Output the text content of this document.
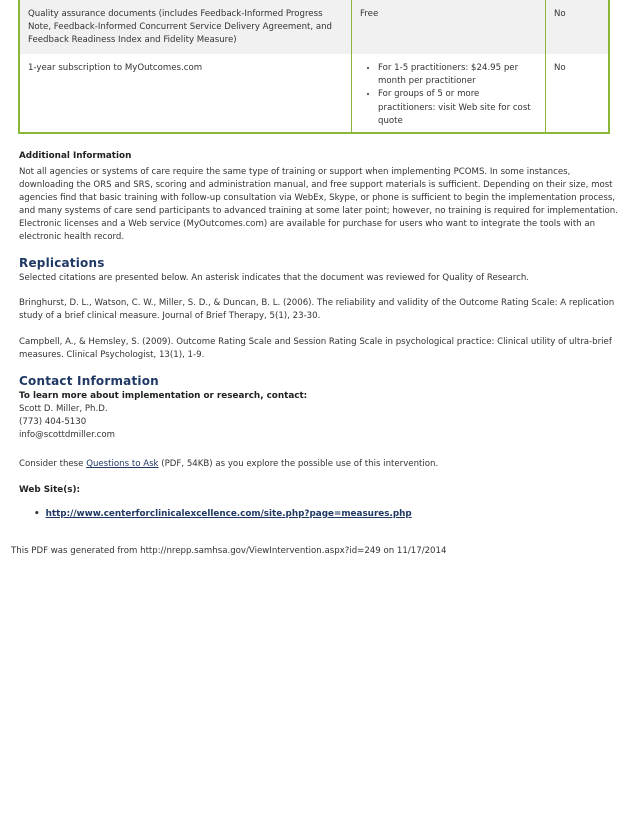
Quality assurance documents (includes Feedback-Informed Progress Note, Feedback-Informed Concurrent Service Delivery Agreement, and Feedback Readiness Index and Fidelity Measure)
Free	No
1-year subscription to MyOutcomes.com
•	For 1-5 practitioners: $24.95 per month per practitioner
• For groups of 5 or more practitioners: visit Web site for cost quote
No
Additional Information
Not all agencies or systems of care require the same type of training or support when implementing PCOMS. In some instances, downloading the ORS and SRS, scoring and administration manual, and free support materials is sufficient. Depending on their size, most agencies find that basic training with follow-up consultation via WebEx, Skype, or phone is sufficient to begin the implementation process, and many systems of care send participants to advanced training at some later point; however, no training is required for implementation. Electronic licenses and a Web service (MyOutcomes.com) are available for purchase for users who want to integrate the tools with an electronic health record.
Replications
Selected citations are presented below. An asterisk indicates that the document was reviewed for Quality of Research.
Bringhurst, D. L., Watson, C. W., Miller, S. D., & Duncan, B. L. (2006). The reliability and validity of the Outcome Rating Scale: A replication study of a brief clinical measure. Journal of Brief Therapy, 5(1), 23-30.
Campbell, A., & Hemsley, S. (2009). Outcome Rating Scale and Session Rating Scale in psychological practice: Clinical utility of ultra-brief measures. Clinical Psychologist, 13(1), 1-9.
Contact Information
To learn more about implementation or research, contact:
Scott D. Miller, Ph.D.
(773) 404-5130
info@scottdmiller.com
Consider these Questions to Ask (PDF, 54KB) as you explore the possible use of this intervention.
Web Site(s):
• http://www.centerforclinicalexcellence.com/site.php?page=measures.php
This PDF was generated from http://nrepp.samhsa.gov/ViewIntervention.aspx?id=249 on 11/17/2014
